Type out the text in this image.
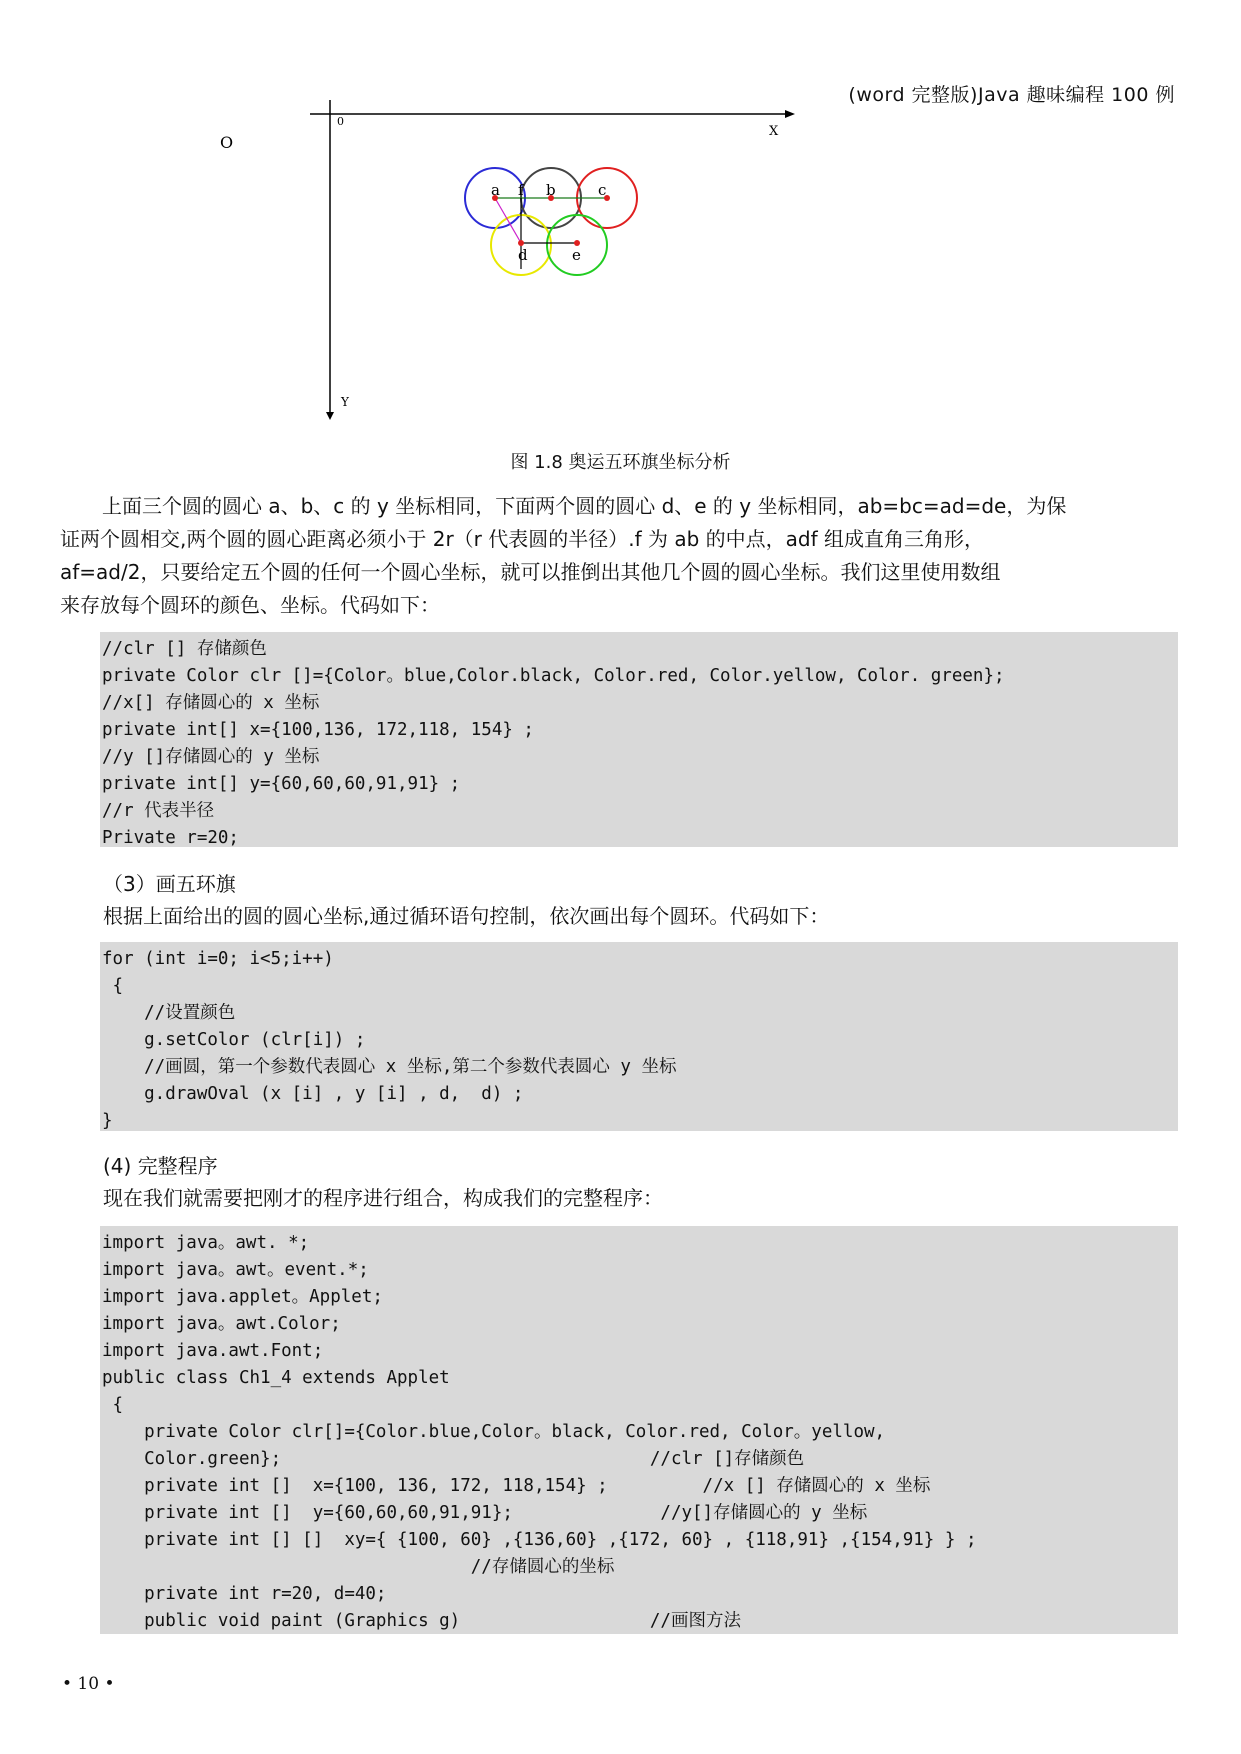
(word 完整版)Java 趣味编程 100 例
O
0
X
Y
a	b	c
d	e
f
图 1.8 奥运五环旗坐标分析
上面三个圆的圆心 a、b、c 的 y 坐标相同，下面两个圆的圆心 d、e 的 y 坐标相同，ab=bc=ad=de，为保
证两个圆相交,两个圆的圆心距离必须小于 2r（r 代表圆的半径）.f 为 ab 的中点，adf 组成直角三角形，
af=ad/2，只要给定五个圆的任何一个圆心坐标，就可以推倒出其他几个圆的圆心坐标。我们这里使用数组
来存放每个圆环的颜色、坐标。代码如下：
//clr [] 存储颜色
private Color clr []={Color。blue,Color.black, Color.red, Color.yellow, Color. green};
//x[] 存储圆心的 x 坐标
private int[] x={100,136, 172,118, 154} ;
//y []存储圆心的 y 坐标
private int[] y={60,60,60,91,91} ;
//r 代表半径
Private r=20;
（3）画五环旗
根据上面给出的圆的圆心坐标,通过循环语句控制，依次画出每个圆环。代码如下：
for (int i=0; i<5;i++)
{
//设置颜色
g.setColor (clr[i]) ;
//画圆，第一个参数代表圆心 x 坐标,第二个参数代表圆心 y 坐标
g.drawOval (x [i] , y [i] , d,  d) ;
}
(4) 完整程序
现在我们就需要把刚才的程序进行组合，构成我们的完整程序：
import java。awt. *;
import java。awt。event.*;
import java.applet。Applet;
import java。awt.Color;
import java.awt.Font;
public class Ch1_4 extends Applet
{
private Color clr[]={Color.blue,Color。black, Color.red, Color。yellow,
Color.green};                                   //clr []存储颜色
private int []  x={100, 136, 172, 118,154} ;         //x [] 存储圆心的 x 坐标
private int []  y={60,60,60,91,91};              //y[]存储圆心的 y 坐标
private int [] []  xy={ {100, 60} ,{136,60} ,{172, 60} , {118,91} ,{154,91} } ;
//存储圆心的坐标
private int r=20, d=40;
public void paint (Graphics g)                  //画图方法
• 10 •
